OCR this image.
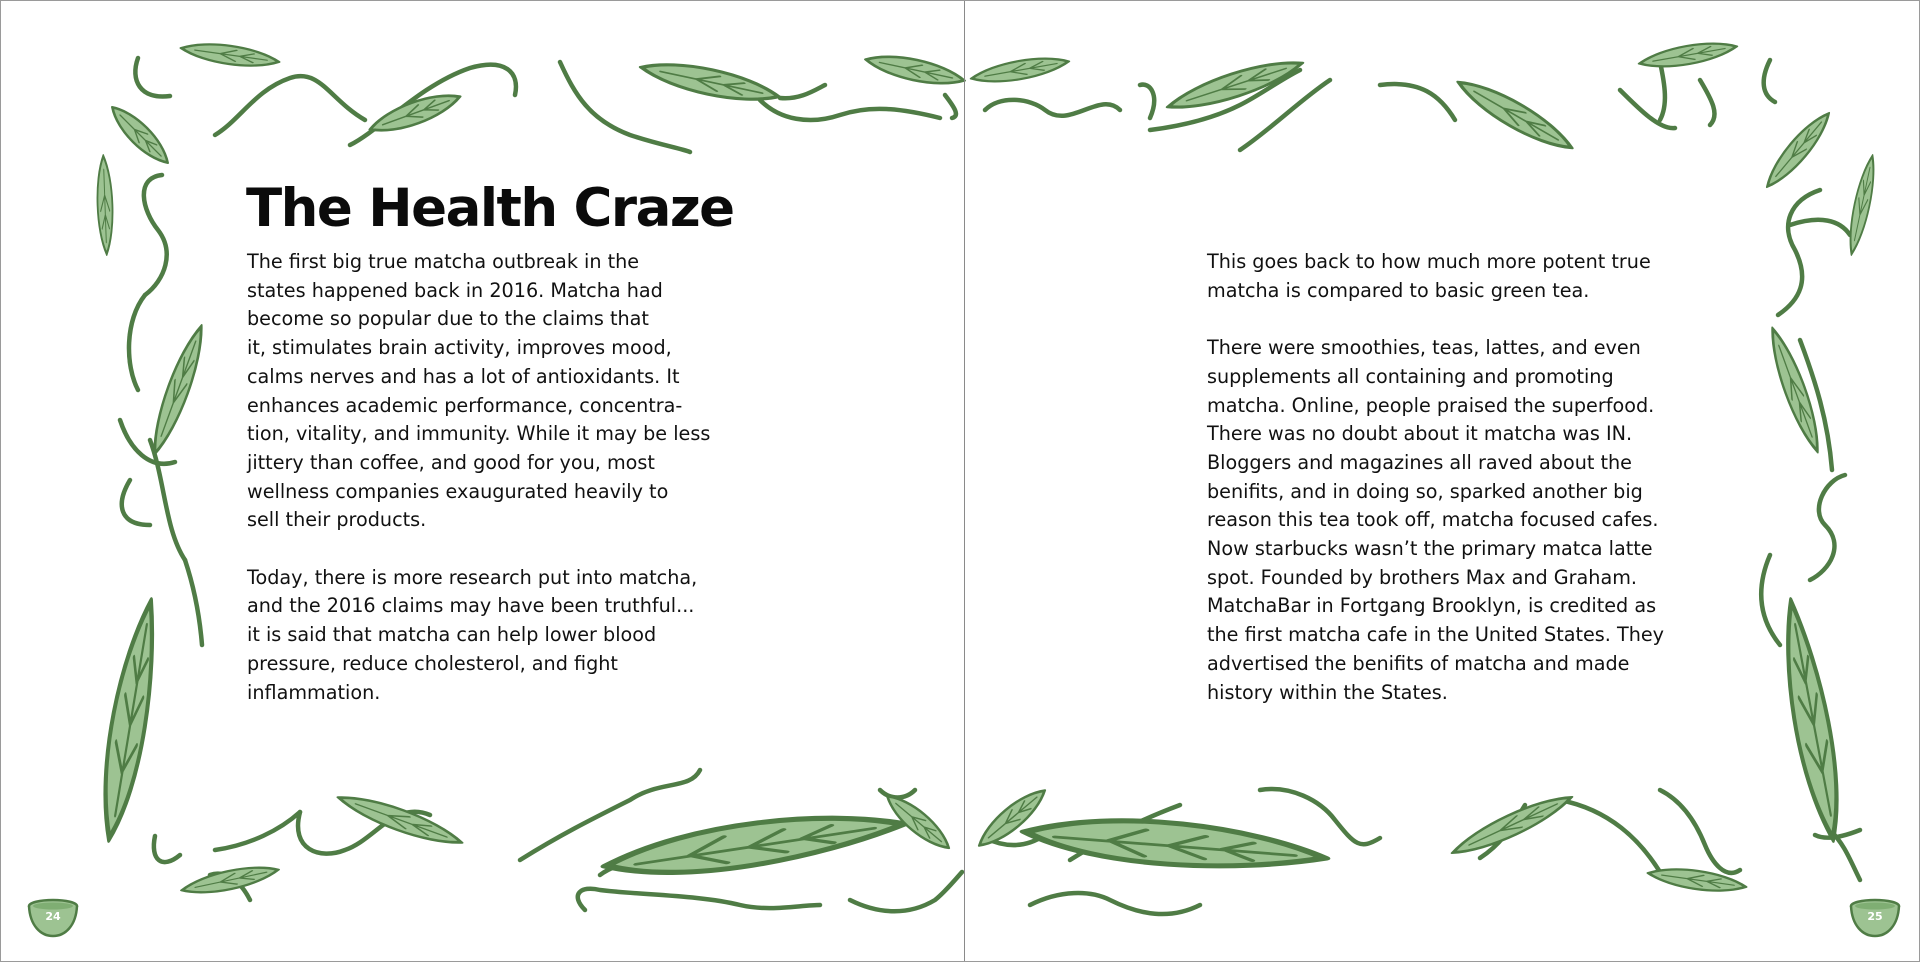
The Health Craze
The first big true matcha outbreak in the
states happened back in 2016. Matcha had
become so popular due to the claims that
it, stimulates brain activity, improves mood,
calms nerves and has a lot of antioxidants. It
enhances academic performance, concentra-
tion, vitality, and immunity. While it may be less
jittery than coffee, and good for you, most
wellness companies exaugurated heavily to
sell their products.
Today, there is more research put into matcha,
and the 2016 claims may have been truthful...
it is said that matcha can help lower blood
pressure, reduce cholesterol, and fight
inflammation.
This goes back to how much more potent true
matcha is compared to basic green tea.
There were smoothies, teas, lattes, and even
supplements all containing and promoting
matcha. Online, people praised the superfood.
There was no doubt about it matcha was IN.
Bloggers and magazines all raved about the
benifits, and in doing so, sparked another big
reason this tea took off, matcha focused cafes.
Now starbucks wasn’t the primary matca latte
spot. Founded by brothers Max and Graham.
MatchaBar in Fortgang Brooklyn, is credited as
the first matcha cafe in the United States. They
advertised the benifits of matcha and made
history within the States.
24	25
